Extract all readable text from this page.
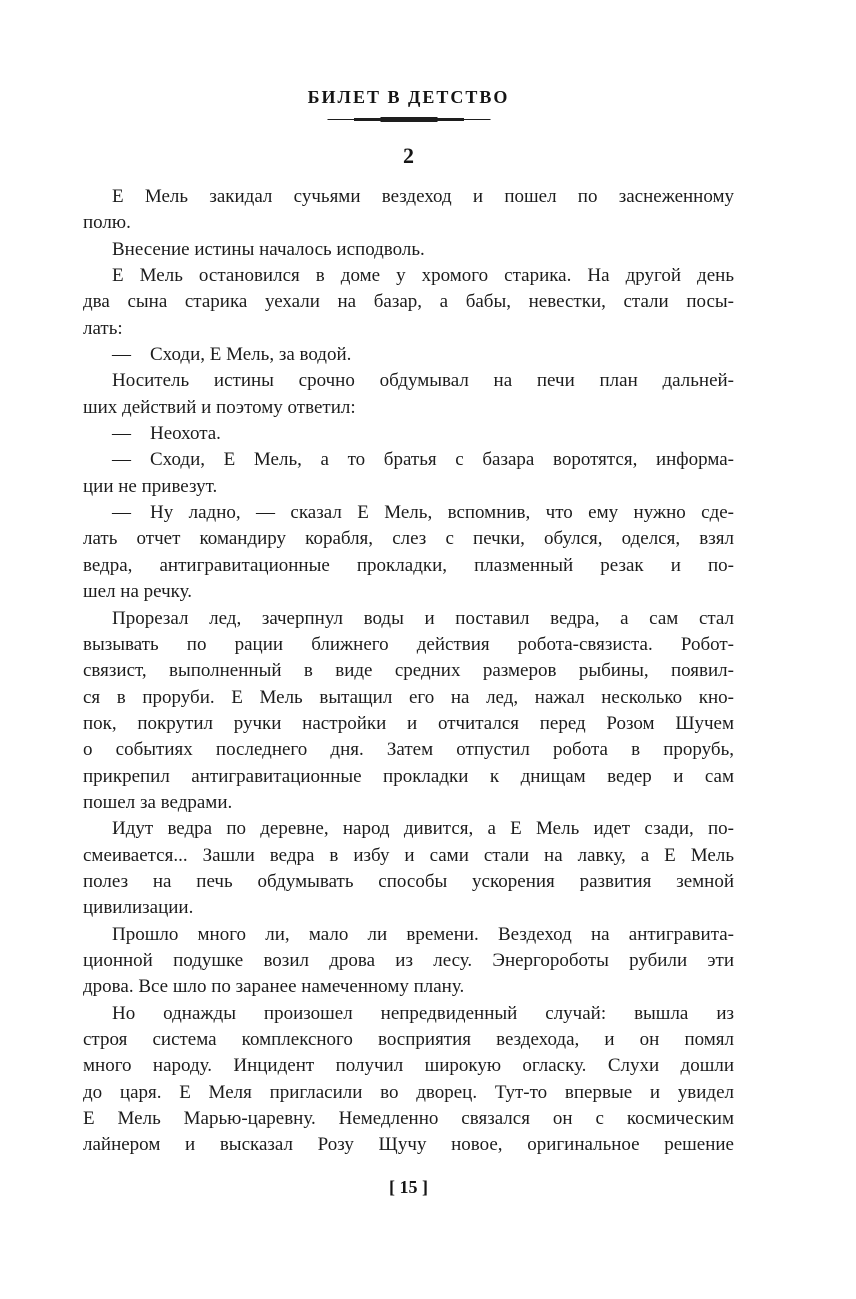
БИЛЕТ В ДЕТСТВО
2
Е Мель закидал сучьями вездеход и пошел по заснеженному
полю.
Внесение истины началось исподволь.
Е Мель остановился в доме у хромого старика. На другой день
два сына старика уехали на базар, а бабы, невестки, стали посы-
лать:
— Сходи, Е Мель, за водой.
Носитель истины срочно обдумывал на печи план дальней-
ших действий и поэтому ответил:
— Неохота.
— Сходи, Е Мель, а то братья с базара воротятся, информа-
ции не привезут.
— Ну ладно, — сказал Е Мель, вспомнив, что ему нужно сде-
лать отчет командиру корабля, слез с печки, обулся, оделся, взял
ведра, антигравитационные прокладки, плазменный резак и по-
шел на речку.
Прорезал лед, зачерпнул воды и поставил ведра, а сам стал
вызывать по рации ближнего действия робота-связиста. Робот-
связист, выполненный в виде средних размеров рыбины, появил-
ся в проруби. Е Мель вытащил его на лед, нажал несколько кно-
пок, покрутил ручки настройки и отчитался перед Розом Шучем
о событиях последнего дня. Затем отпустил робота в прорубь,
прикрепил антигравитационные прокладки к днищам ведер и сам
пошел за ведрами.
Идут ведра по деревне, народ дивится, а Е Мель идет сзади, по-
смеивается... Зашли ведра в избу и сами стали на лавку, а Е Мель
полез на печь обдумывать способы ускорения развития земной
цивилизации.
Прошло много ли, мало ли времени. Вездеход на антигравита-
ционной подушке возил дрова из лесу. Энергороботы рубили эти
дрова. Все шло по заранее намеченному плану.
Но однажды произошел непредвиденный случай: вышла из
строя система комплексного восприятия вездехода, и он помял
много народу. Инцидент получил широкую огласку. Слухи дошли
до царя. Е Меля пригласили во дворец. Тут-то впервые и увидел
Е Мель Марью-царевну. Немедленно связался он с космическим
лайнером и высказал Розу Щучу новое, оригинальное решение
[ 15 ]
